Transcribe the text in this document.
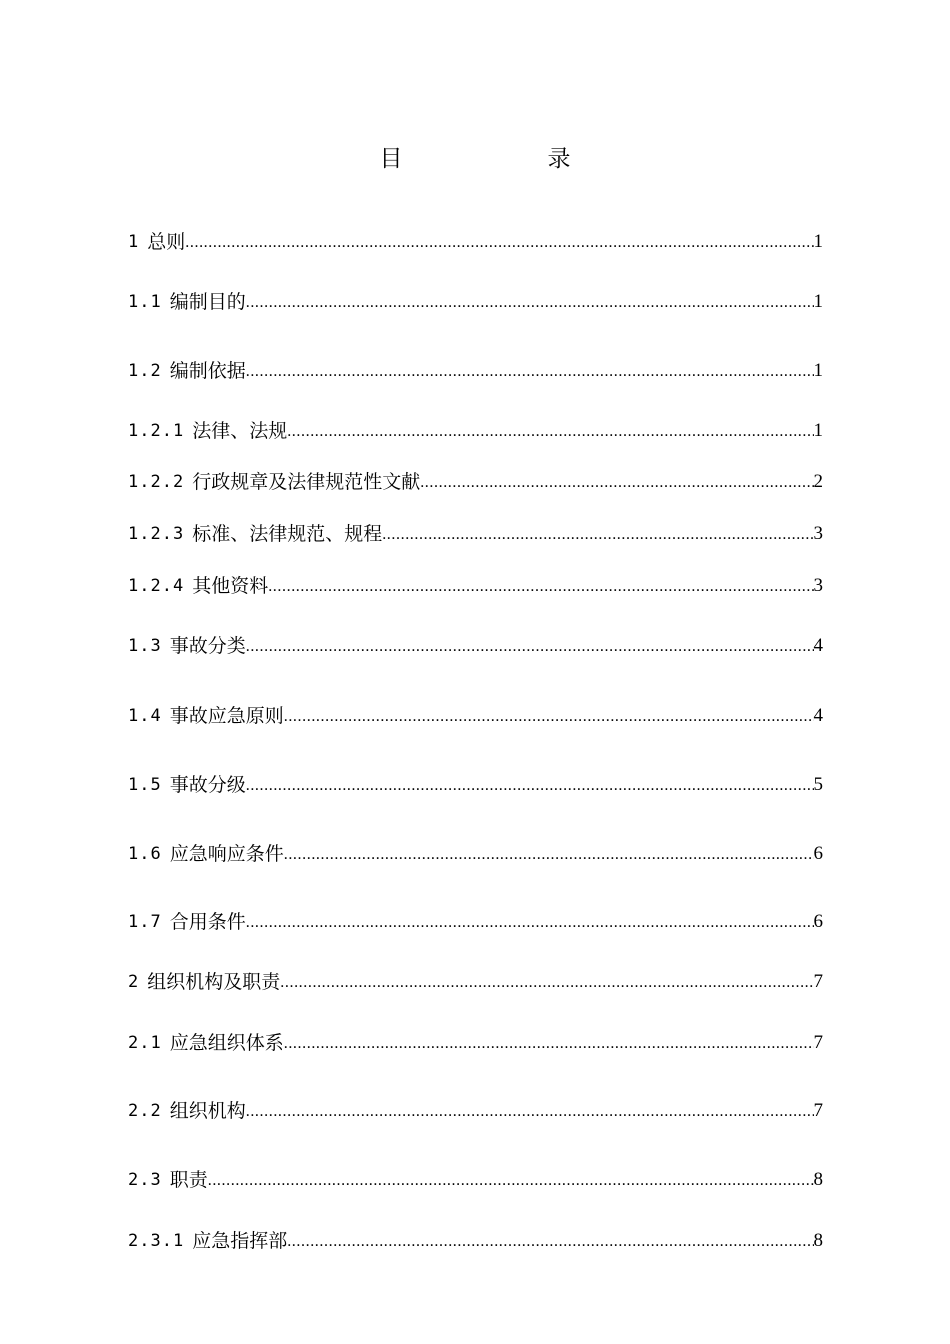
目　　录
1 总则 .....	1
1.1 编制目的 .....	1
1.2 编制依据 .....	1
1.2.1 法律、法规 .....	1
1.2.2 行政规章及法律规范性文献 .....	2
1.2.3 标准、法律规范、规程 .....	3
1.2.4 其他资料 .....	3
1.3 事故分类 .....	4
1.4 事故应急原则 .....	4
1.5 事故分级 .....	5
1.6 应急响应条件 .....	6
1.7 合用条件 .....	6
2 组织机构及职责 .....	7
2.1 应急组织体系 .....	7
2.2 组织机构 .....	7
2.3 职责 .....	8
2.3.1 应急指挥部 .....	8
